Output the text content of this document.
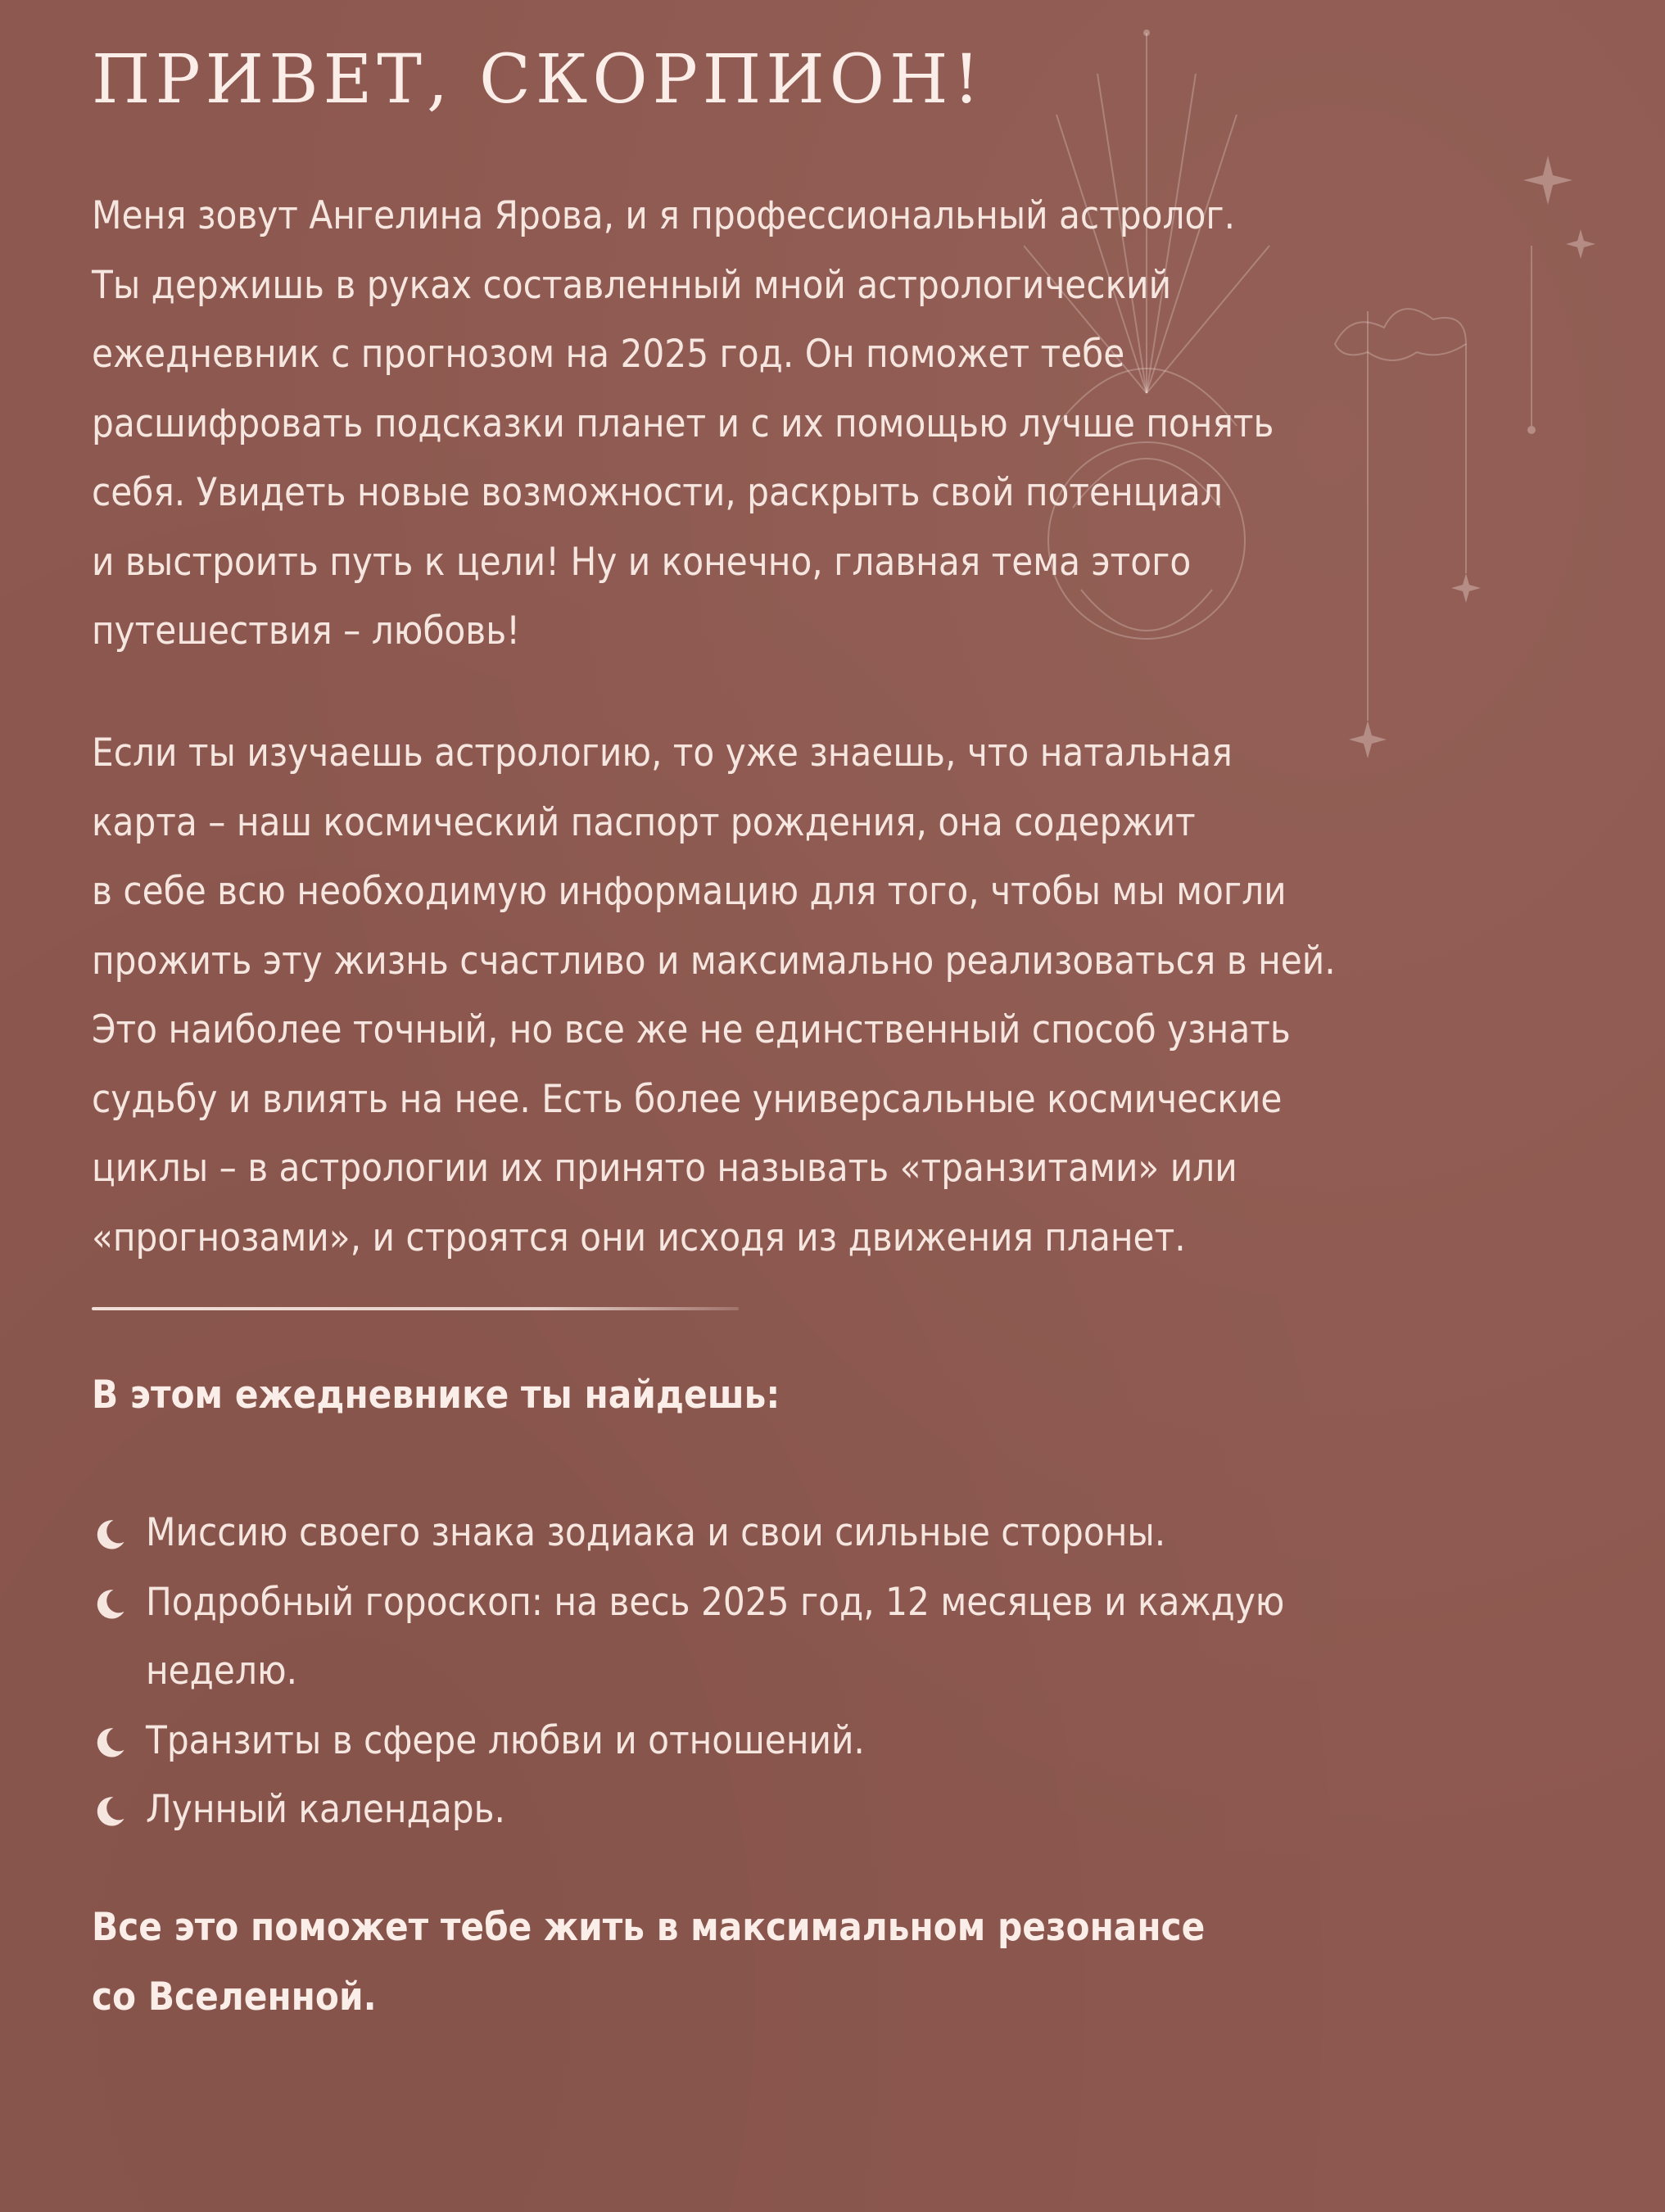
ПРИВЕТ, СКОРПИОН!
Меня зовут Ангелина Ярова, и я профессиональный астролог.
Ты держишь в руках составленный мной астрологический
ежедневник с прогнозом на 2025 год. Он поможет тебе
расшифровать подсказки планет и с их помощью лучше понять
себя. Увидеть новые возможности, раскрыть свой потенциал
и выстроить путь к цели! Ну и конечно, главная тема этого
путешествия – любовь!
Если ты изучаешь астрологию, то уже знаешь, что натальная
карта – наш космический паспорт рождения, она содержит
в себе всю необходимую информацию для того, чтобы мы могли
прожить эту жизнь счастливо и максимально реализоваться в ней.
Это наиболее точный, но все же не единственный способ узнать
судьбу и влиять на нее. Есть более универсальные космические
циклы – в астрологии их принято называть «транзитами» или
«прогнозами», и строятся они исходя из движения планет.
В этом ежедневнике ты найдешь:
Миссию своего знака зодиака и свои сильные стороны.
Подробный гороскоп: на весь 2025 год, 12 месяцев и каждую
неделю.
Транзиты в сфере любви и отношений.
Лунный календарь.

Все это поможет тебе жить в максимальном резонансе
со Вселенной.
